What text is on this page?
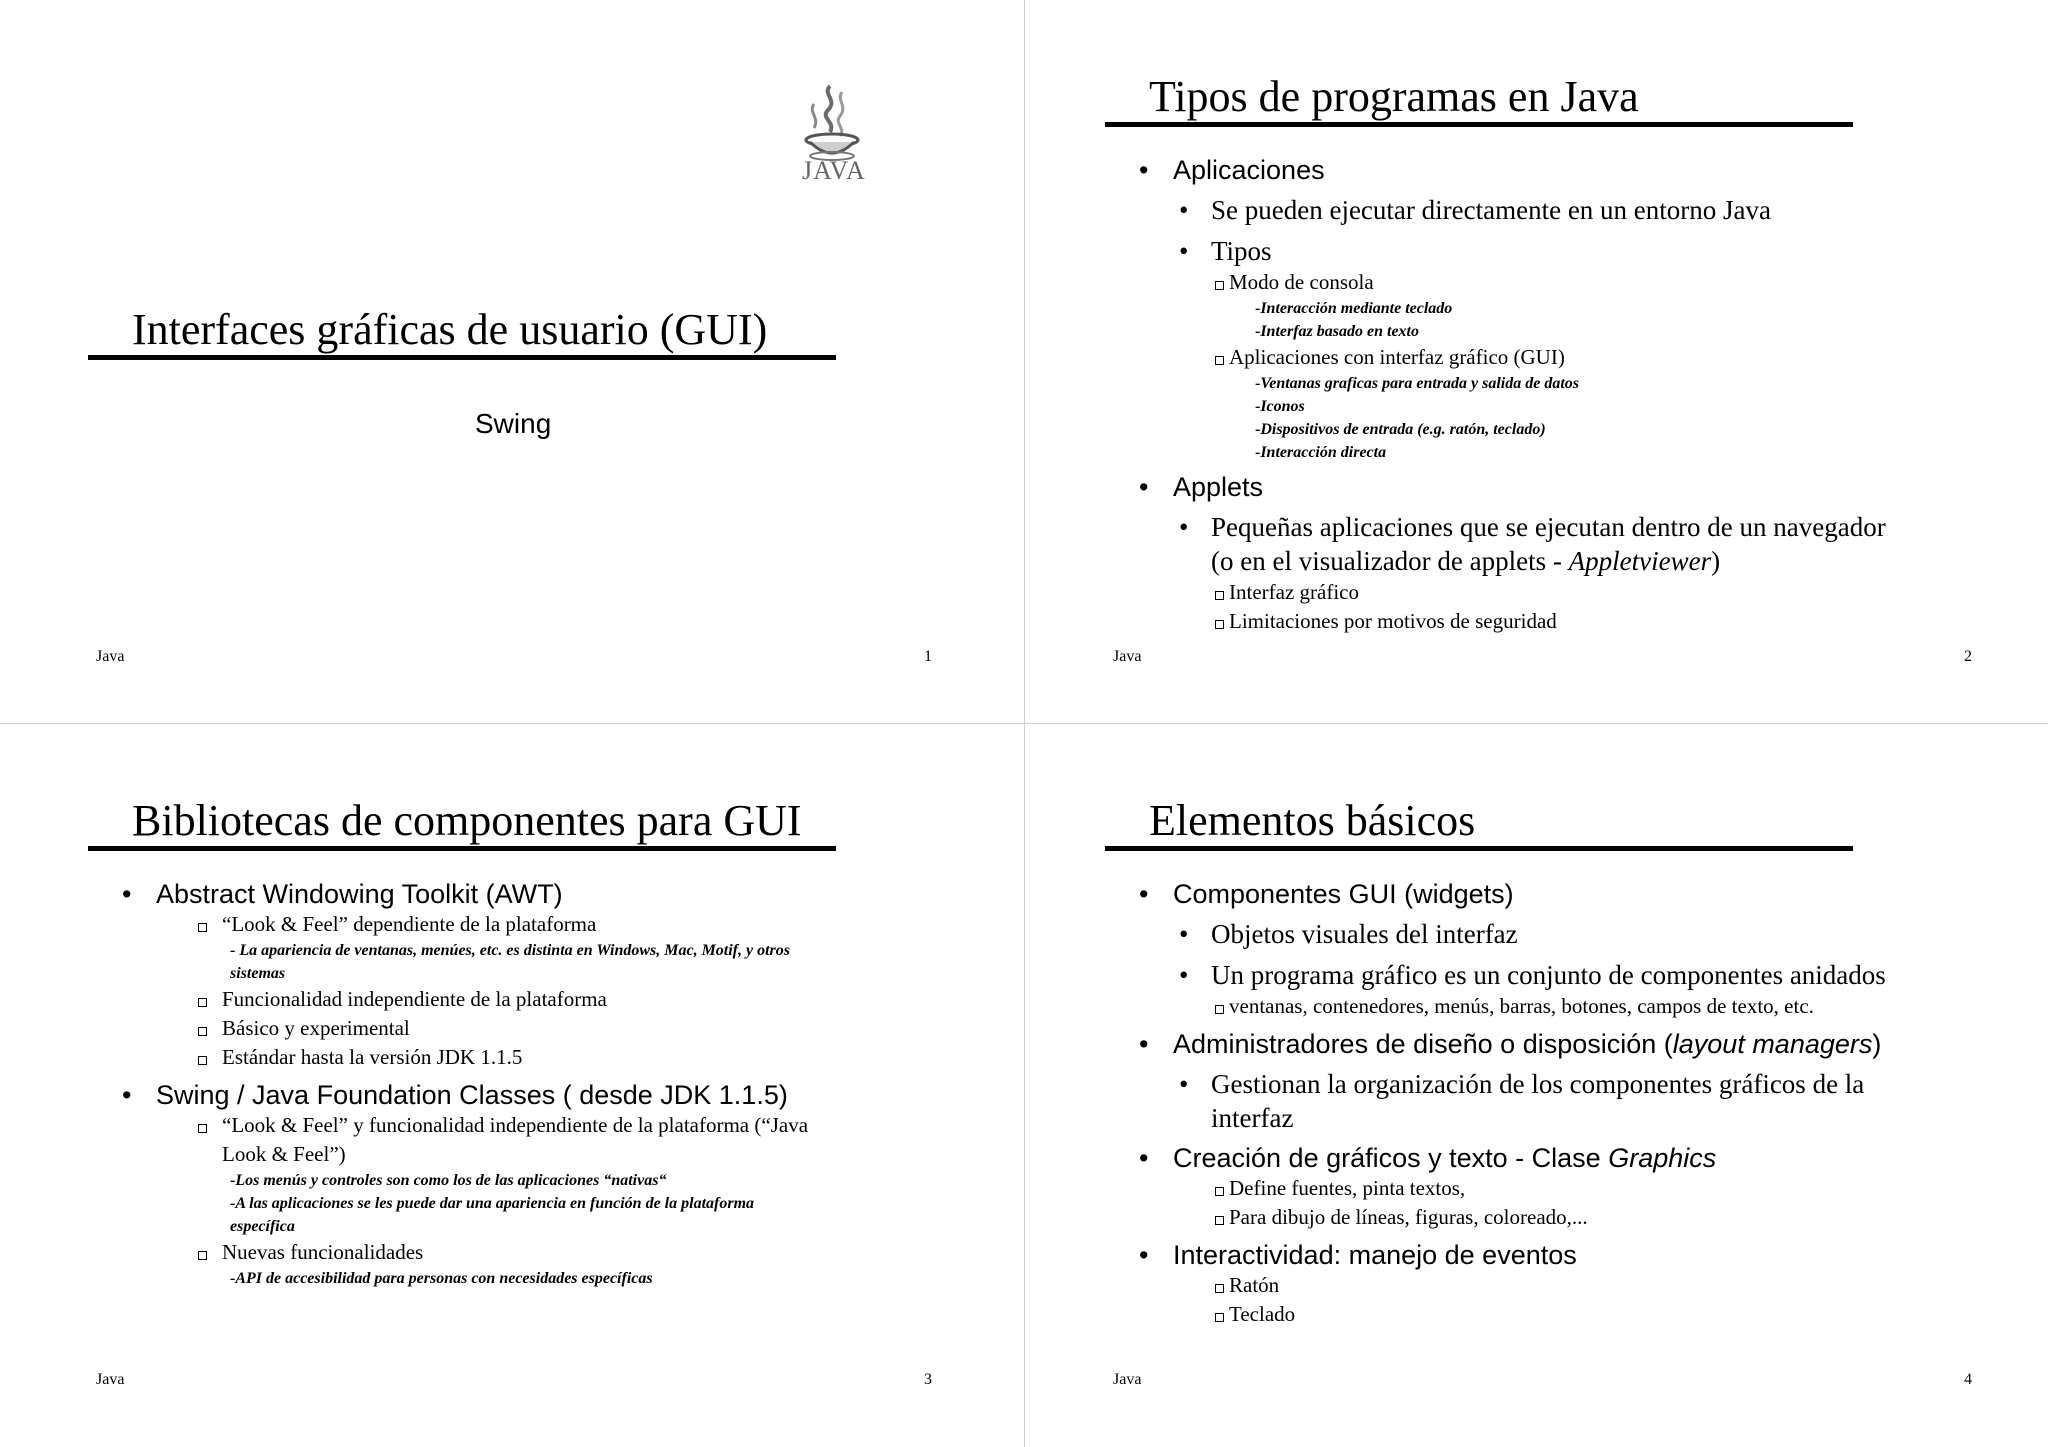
JAVA
Interfaces gráficas de usuario (GUI)
Swing
Java	1
Tipos de programas en Java

• Aplicaciones

• Se pueden ejecutar directamente en un entorno Java

• Tipos

Modo de consola

-Interacción mediante teclado

-Interfaz basado en texto

Aplicaciones con interfaz gráfico (GUI)

-Ventanas graficas para entrada y salida de datos

-Iconos

-Dispositivos de entrada (e.g. ratón, teclado)

-Interacción directa

• Applets

• Pequeñas aplicaciones que se ejecutan dentro de un navegador
(o en el visualizador de applets - Appletviewer)

Interfaz gráfico

Limitaciones por motivos de seguridad

Java	2
Bibliotecas de componentes para GUI

• Abstract Windowing Toolkit (AWT)

“Look & Feel” dependiente de la plataforma

- La apariencia de ventanas, menúes, etc. es distinta en Windows, Mac, Motif, y otros
sistemas

Funcionalidad independiente de la plataforma

Básico y experimental

Estándar hasta la versión JDK 1.1.5

• Swing / Java Foundation Classes ( desde JDK 1.1.5)

“Look & Feel” y funcionalidad independiente de la plataforma (“Java
Look & Feel”)

-Los menús y controles son como los de las aplicaciones “nativas“

-A las aplicaciones se les puede dar una apariencia en función de la plataforma
específica

Nuevas funcionalidades

-API de accesibilidad para personas con necesidades específicas

Java	3
Elementos básicos

• Componentes GUI (widgets)

• Objetos visuales del interfaz

• Un programa gráfico es un conjunto de componentes anidados

ventanas, contenedores, menús, barras, botones, campos de texto, etc.

• Administradores de diseño o disposición (layout managers)

• Gestionan la organización de los componentes gráficos de la
interfaz

• Creación de gráficos y texto - Clase Graphics

Define fuentes, pinta textos,

Para dibujo de líneas, figuras, coloreado,...

• Interactividad: manejo de eventos

Ratón

Teclado

Java	4
